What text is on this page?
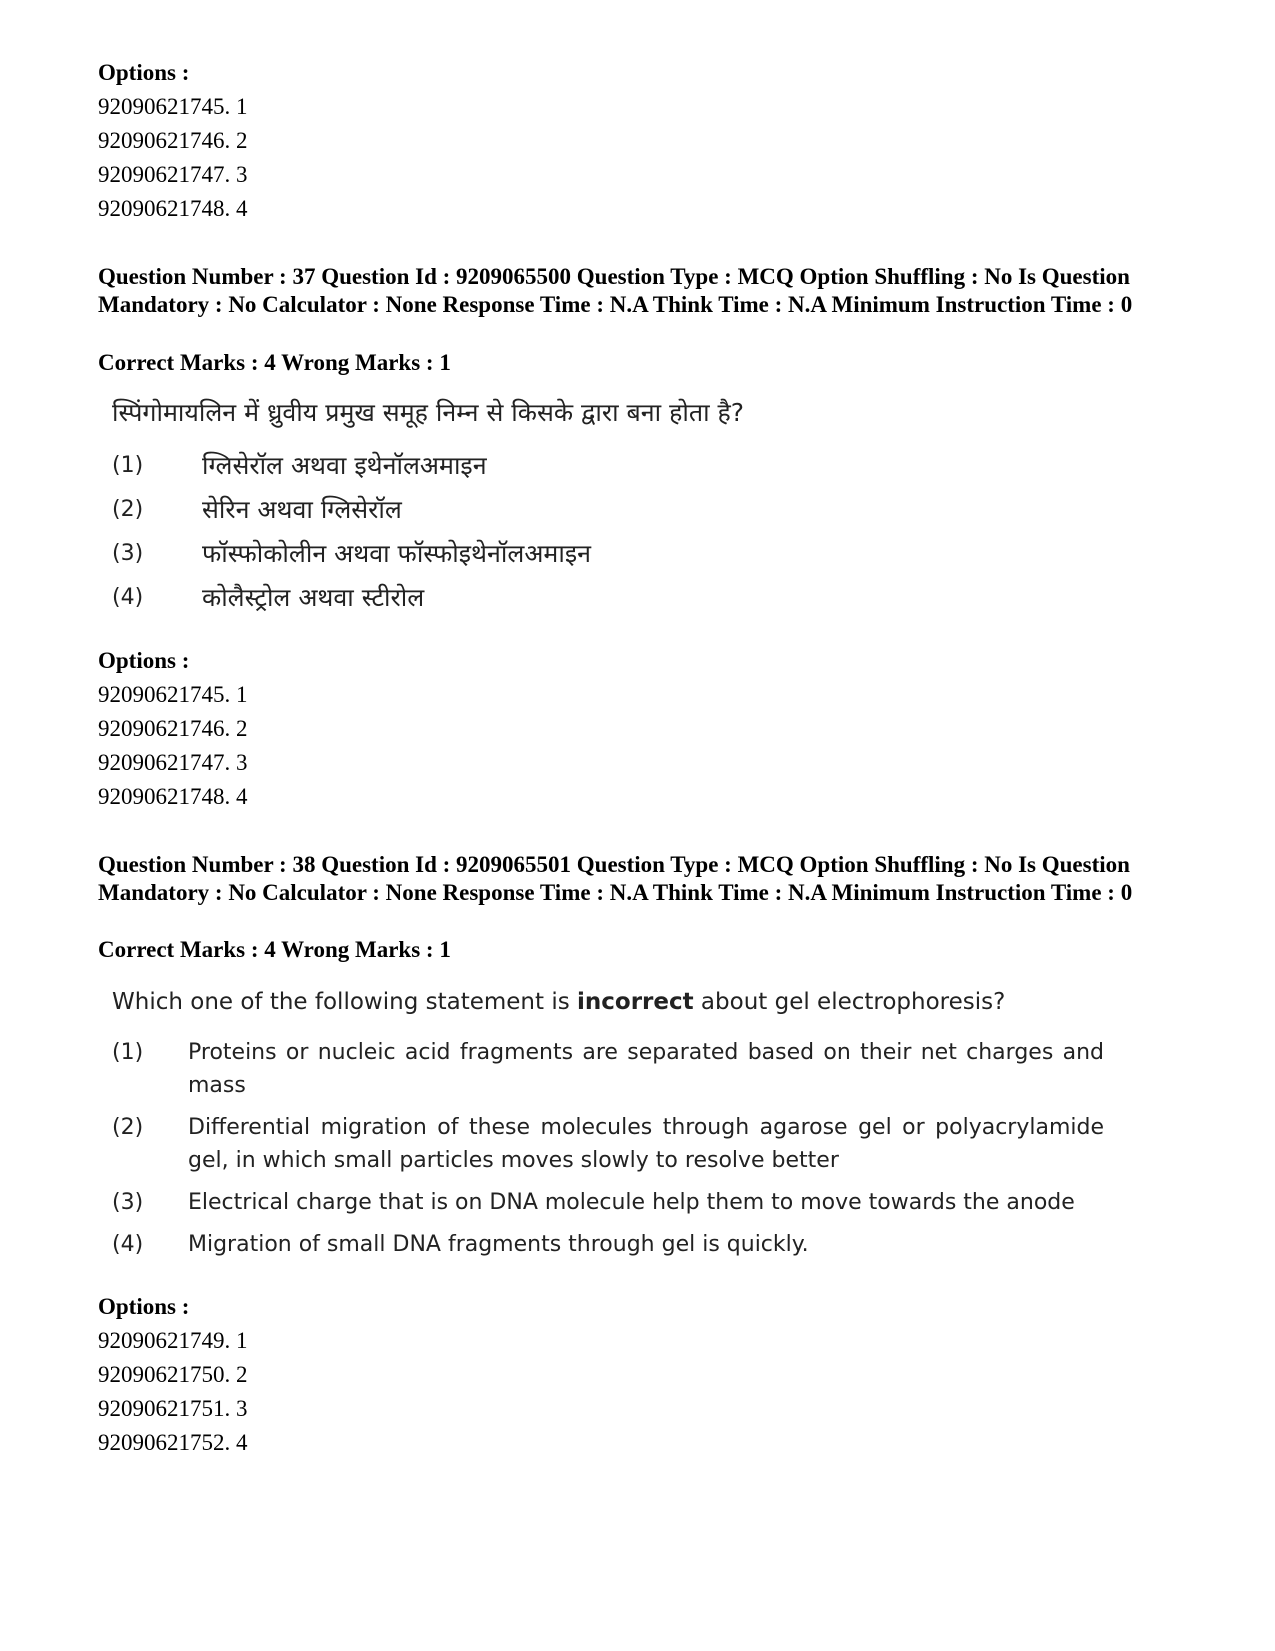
Options :
92090621745. 1
92090621746. 2
92090621747. 3
92090621748. 4
Question Number : 37 Question Id : 9209065500 Question Type : MCQ Option Shuffling : No Is Question Mandatory : No Calculator : None Response Time : N.A Think Time : N.A Minimum Instruction Time : 0
Correct Marks : 4 Wrong Marks : 1
स्पिंगोमायलिन में ध्रुवीय प्रमुख समूह निम्न से किसके द्वारा बना होता है?
(1)	ग्लिसेरॉल अथवा इथेनॉलअमाइन
(2)	सेरिन अथवा ग्लिसेरॉल
(3)	फॉस्फोकोलीन अथवा फॉस्फोइथेनॉलअमाइन
(4)	कोलैस्ट्रोल अथवा स्टीरोल
Options :
92090621745. 1
92090621746. 2
92090621747. 3
92090621748. 4
Question Number : 38 Question Id : 9209065501 Question Type : MCQ Option Shuffling : No Is Question Mandatory : No Calculator : None Response Time : N.A Think Time : N.A Minimum Instruction Time : 0
Correct Marks : 4 Wrong Marks : 1
Which one of the following statement is incorrect about gel electrophoresis?
(1)	Proteins or nucleic acid fragments are separated based on their net charges and mass
(2)	Differential migration of these molecules through agarose gel or polyacrylamide gel, in which small particles moves slowly to resolve better
(3)	Electrical charge that is on DNA molecule help them to move towards the anode
(4)	Migration of small DNA fragments through gel is quickly.
Options :
92090621749. 1
92090621750. 2
92090621751. 3
92090621752. 4
